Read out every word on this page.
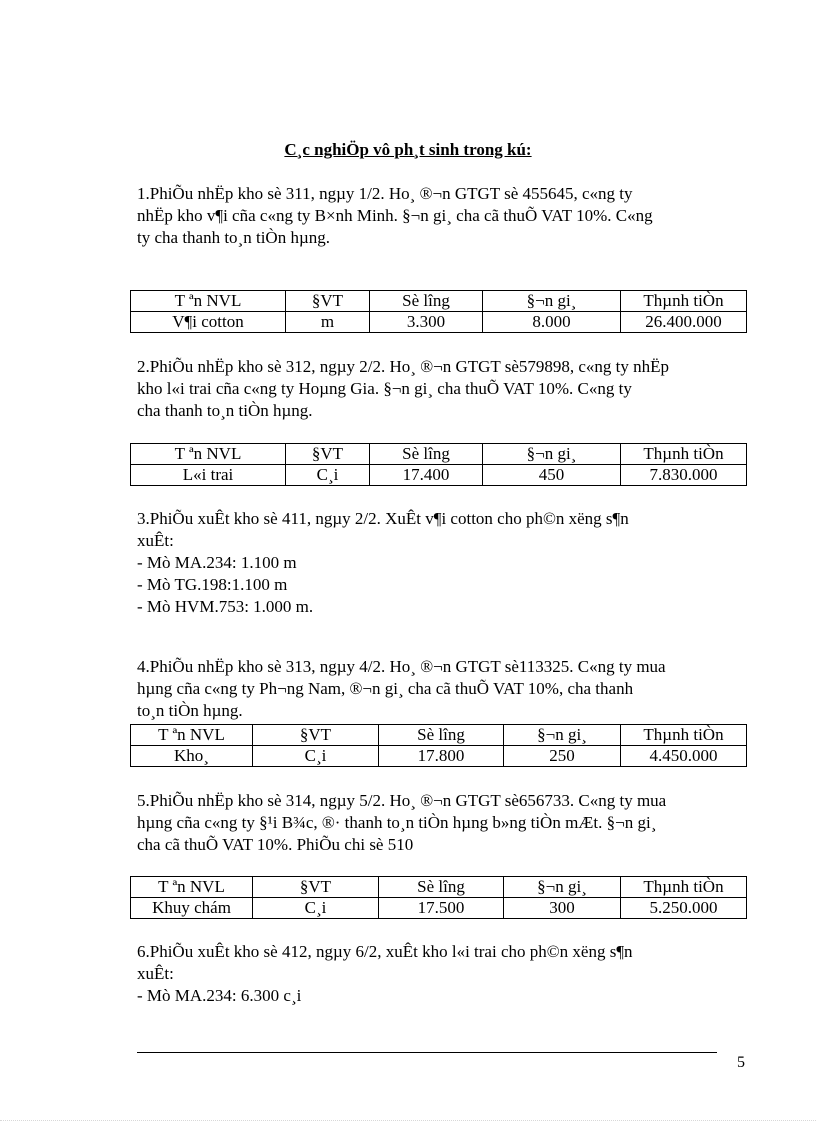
C¸c nghiÖp vô ph¸t sinh trong kú:
1.PhiÕu nhËp kho sè 311, ngµy 1/2. Ho¸ ®¬n GTGT sè 455645, c«ng ty
nhËp kho v¶i cña c«ng ty B×nh Minh. §¬n gi¸ cha cã thuÕ VAT 10%. C«ng
ty cha thanh to¸n tiÒn hµng.
T ªn NVL	§VT	Sè lîng	§¬n gi¸	Thµnh tiÒn
V¶i cotton	m	3.300	8.000	26.400.000
2.PhiÕu nhËp kho sè 312, ngµy 2/2. Ho¸ ®¬n GTGT sè579898, c«ng ty nhËp
kho l«i trai cña c«ng ty Hoµng Gia. §¬n gi¸ cha thuÕ VAT 10%. C«ng ty
cha thanh to¸n tiÒn hµng.
T ªn NVL	§VT	Sè lîng	§¬n gi¸	Thµnh tiÒn
L«i trai	C¸i	17.400	450	7.830.000
3.PhiÕu xuÊt kho sè 411, ngµy 2/2. XuÊt v¶i cotton cho ph©n xëng s¶n
xuÊt:
- Mò MA.234: 1.100 m
- Mò TG.198:1.100 m
- Mò HVM.753: 1.000 m.
4.PhiÕu nhËp kho sè 313, ngµy 4/2. Ho¸ ®¬n GTGT sè113325. C«ng ty mua
hµng cña c«ng ty Ph¬ng Nam, ®¬n gi¸ cha cã thuÕ VAT 10%, cha thanh
to¸n tiÒn hµng.
T ªn NVL	§VT	Sè lîng	§¬n gi¸	Thµnh tiÒn
Kho¸	C¸i	17.800	250	4.450.000
5.PhiÕu nhËp kho sè 314, ngµy 5/2. Ho¸ ®¬n GTGT sè656733. C«ng ty mua
hµng cña c«ng ty §¹i B¾c, ®· thanh to¸n tiÒn hµng b»ng tiÒn mÆt. §¬n gi¸
cha cã thuÕ VAT 10%. PhiÕu chi sè 510
T ªn NVL	§VT	Sè lîng	§¬n gi¸	Thµnh tiÒn
Khuy chám	C¸i	17.500	300	5.250.000
6.PhiÕu xuÊt kho sè 412, ngµy 6/2, xuÊt kho l«i trai cho ph©n xëng s¶n
xuÊt:
- Mò MA.234: 6.300 c¸i
5
